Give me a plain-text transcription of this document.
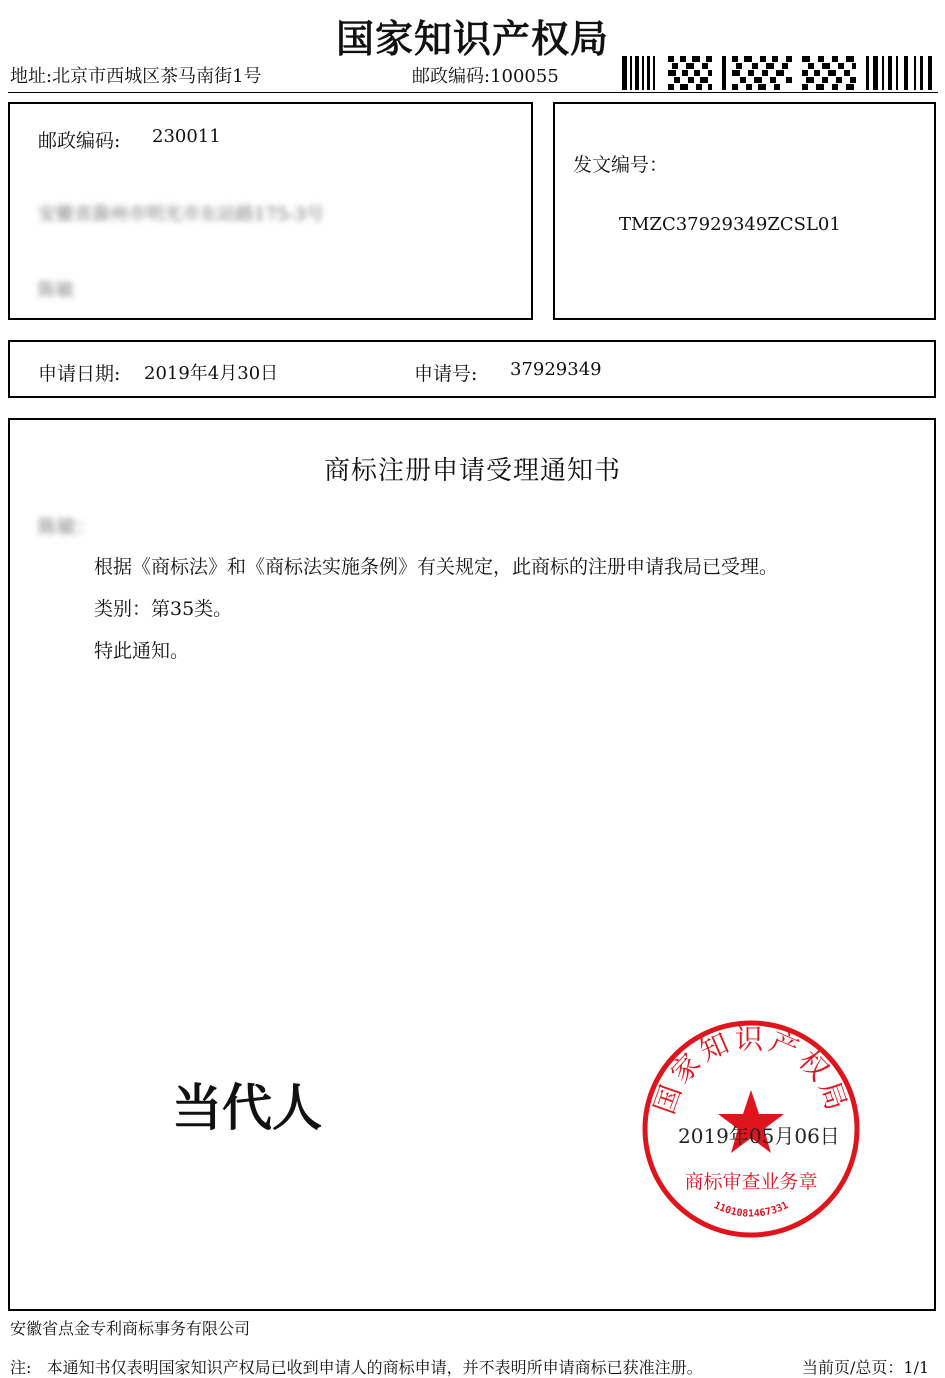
国家知识产权局
地址:北京市西城区茶马南街1号	邮政编码:100055
邮政编码: 230011
安徽省滁州市明光市东站路175-3号
陈敏
发文编号：
TMZC37929349ZCSL01
申请日期: 2019年4月30日	申请号: 37929349
商标注册申请受理通知书
陈敏：
根据《商标法》和《商标法实施条例》有关规定，此商标的注册申请我局已受理。
类别：第35类。
特此通知。
当代人	国家知识产权局
商标审查业务章
1101081467331
2019年05月06日
安徽省点金专利商标事务有限公司
注:   本通知书仅表明国家知识产权局已收到申请人的商标申请，并不表明所申请商标已获准注册。	当前页/总页：1/1
